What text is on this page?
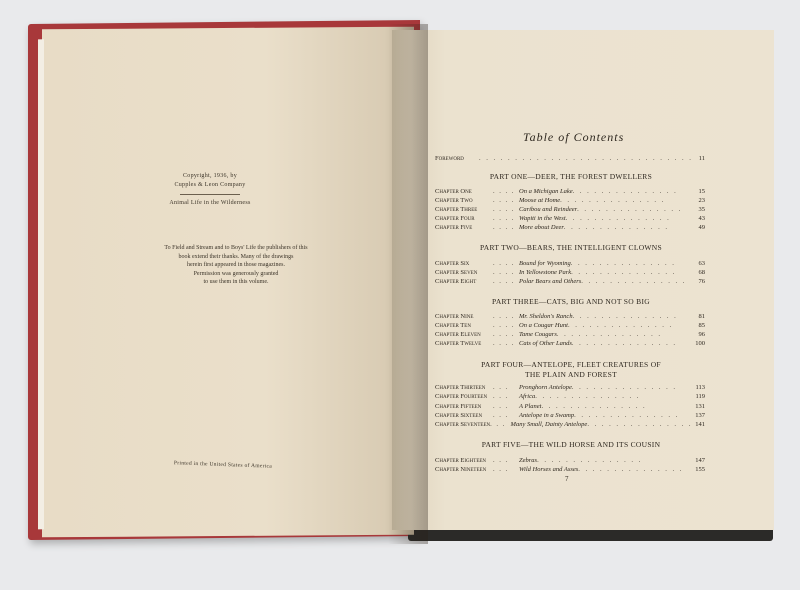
Copyright, 1936, by
Cupples & Leon Company
Animal Life in the Wilderness
To Field and Stream and to Boys' Life the publishers of this
book extend their thanks. Many of the drawings
herein first appeared in those magazines.
Permission was generously granted
to use them in this volume.
Printed in the United States of America
Table of Contents
Foreword	. . . . . . . . . . . . . . . . . . . . . . . . . . . . . . 11
PART ONE—DEER, THE FOREST DWELLERS
Chapter One	. . . . On a Michigan Lake . . . . . . . . . . . . . . .	15
Chapter Two	. . . . Moose at Home . . . . . . . . . . . . . . .	23
Chapter Three	. . . . Caribou and Reindeer . . . . . . . . . . . . . . .	35
Chapter Four	. . . . Wapiti in the West . . . . . . . . . . . . . . .	43
Chapter Five	. . . . More about Deer . . . . . . . . . . . . . . .	49
PART TWO—BEARS, THE INTELLIGENT CLOWNS
Chapter Six	. . . . Bound for Wyoming . . . . . . . . . . . . . . .	63
Chapter Seven	. . . . In Yellowstone Park . . . . . . . . . . . . . . .	68
Chapter Eight	. . . . Polar Bears and Others . . . . . . . . . . . . . . .	76
PART THREE—CATS, BIG AND NOT SO BIG
Chapter Nine	. . . . Mr. Sheldon's Ranch . . . . . . . . . . . . . . .	81
Chapter Ten	. . . . On a Cougar Hunt . . . . . . . . . . . . . . .	85
Chapter Eleven	. . . . Tame Cougars . . . . . . . . . . . . . . .	96
Chapter Twelve	. . . . Cats of Other Lands . . . . . . . . . . . . . . .	100
PART FOUR—ANTELOPE, FLEET CREATURES OF
THE PLAIN AND FOREST
Chapter Thirteen	. . .	Pronghorn Antelope . . . . . . . . . . . . . . .	113
Chapter Fourteen . . .	Africa . . . . . . . . . . . . . . .	119
Chapter Fifteen	. . .	A Planet . . . . . . . . . . . . . . .	131
Chapter Sixteen	. . .	Antelope in a Swamp . . . . . . . . . . . . . . .	137
Chapter Seventeen . . . Many Small, Dainty Antelope . . . . . . . . . . . . . . . 141
PART FIVE—THE WILD HORSE AND ITS COUSIN
Chapter Eighteen	. . .	Zebras . . . . . . . . . . . . . . .	147
Chapter Nineteen	. . .	Wild Horses and Asses . . . . . . . . . . . . . . .	155
7
